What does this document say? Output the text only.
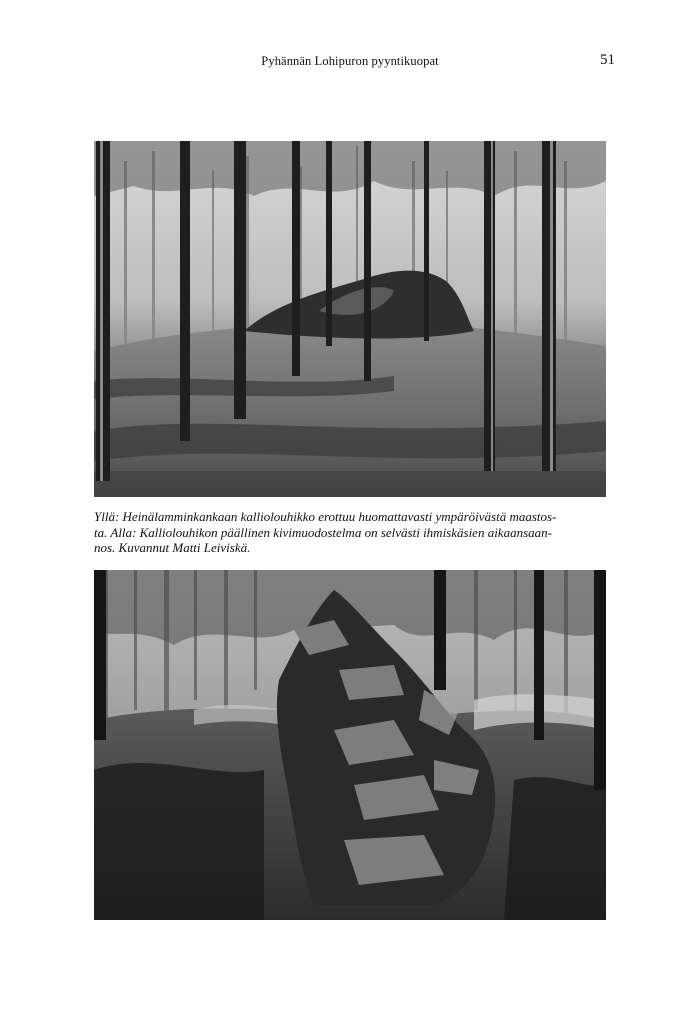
Pyhännän Lohipuron pyyntikuopat	51

Yllä: Heinälamminkankaan kalliolouhikko erottuu huomattavasti ympäröivästä maastos-
ta. Alla: Kalliolouhikon päällinen kivimuodostelma on selvästi ihmiskäsien aikaansaan-
nos. Kuvannut Matti Leiviskä.
